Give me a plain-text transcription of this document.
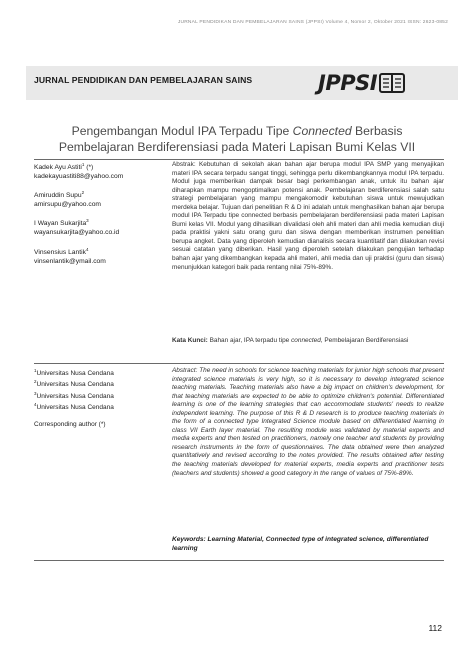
JURNAL PENDIDIKAN DAN PEMBELAJARAN SAINS (JPPSI) Volume 4, Nomor 2, Oktober 2021 ISSN: 2623-0852
JURNAL PENDIDIKAN DAN PEMBELAJARAN SAINS	JPPSI
Pengembangan Modul IPA Terpadu Tipe Connected Berbasis
Pembelajaran Berdiferensiasi pada Materi Lapisan Bumi Kelas VII
Kadek Ayu Astiti$^1$ (*)
kadekayuastiti88@yahoo.com
Amiruddin Supu$^2$
amirsupu@yahoo.com
I Wayan Sukarjita$^3$
wayansukarjita@yahoo.co.id
Vinsensius Lantik$^4$
vinsenlantik@ymail.com
Abstrak: Kebutuhan di sekolah akan bahan ajar berupa modul IPA SMP yang menyajikan materi IPA secara terpadu sangat tinggi, sehingga perlu dikembangkannya modul IPA terpadu. Modul juga memberikan dampak besar bagi perkembangan anak, untuk itu bahan ajar diharapkan mampu mengoptimalkan potensi anak. Pembelajaran berdiferensiasi salah satu strategi pembelajaran yang mampu mengakomodir kebutuhan siswa untuk mewujudkan merdeka belajar. Tujuan dari penelitian R & D ini adalah untuk menghasilkan bahan ajar berupa modul IPA Terpadu tipe connected berbasis pembelajaran berdiferensiasi pada materi Lapisan Bumi kelas VII. Modul yang dihasilkan divalidasi oleh ahli materi dan ahli media kemudian diuji pada praktisi yakni satu orang guru dan siswa dengan memberikan instrumen penelitian berupa angket. Data yang diperoleh kemudian dianalisis secara kuantitatif dan dilakukan revisi sesuai catatan yang diberikan. Hasil yang diperoleh setelah dilakukan pengujian terhadap bahan ajar yang dikembangkan kepada ahli materi, ahli media dan uji praktisi (guru dan siswa) menunjukkan kategori baik pada rentang nilai 75%-89%.
Kata Kunci: Bahan ajar, IPA terpadu tipe connected, Pembelajaran Berdiferensiasi
$^1$Universitas Nusa Cendana
$^2$Universitas Nusa Cendana
$^3$Universitas Nusa Cendana
$^4$Universitas Nusa Cendana
Corresponding author (*)
Abstract: The need in schools for science teaching materials for junior high schools that present integrated science materials is very high, so it is necessary to develop integrated science teaching materials. Teaching materials also have a big impact on children's development, for that teaching materials are expected to be able to optimize children's potential. Differentiated learning is one of the learning strategies that can accommodate students' needs to realize independent learning. The purpose of this R & D research is to produce teaching materials in the form of a connected type Integrated Science module based on differentiated learning in class VII Earth layer material. The resulting module was validated by material experts and media experts and then tested on practitioners, namely one teacher and students by providing research instruments in the form of questionnaires. The data obtained were then analyzed quantitatively and revised according to the notes provided. The results obtained after testing the teaching materials developed for material experts, media experts and practitioner tests (teachers and students) showed a good category in the range of values of 75%-89%.
Keywords: Learning Material, Connected type of integrated science, differentiated learning
112
